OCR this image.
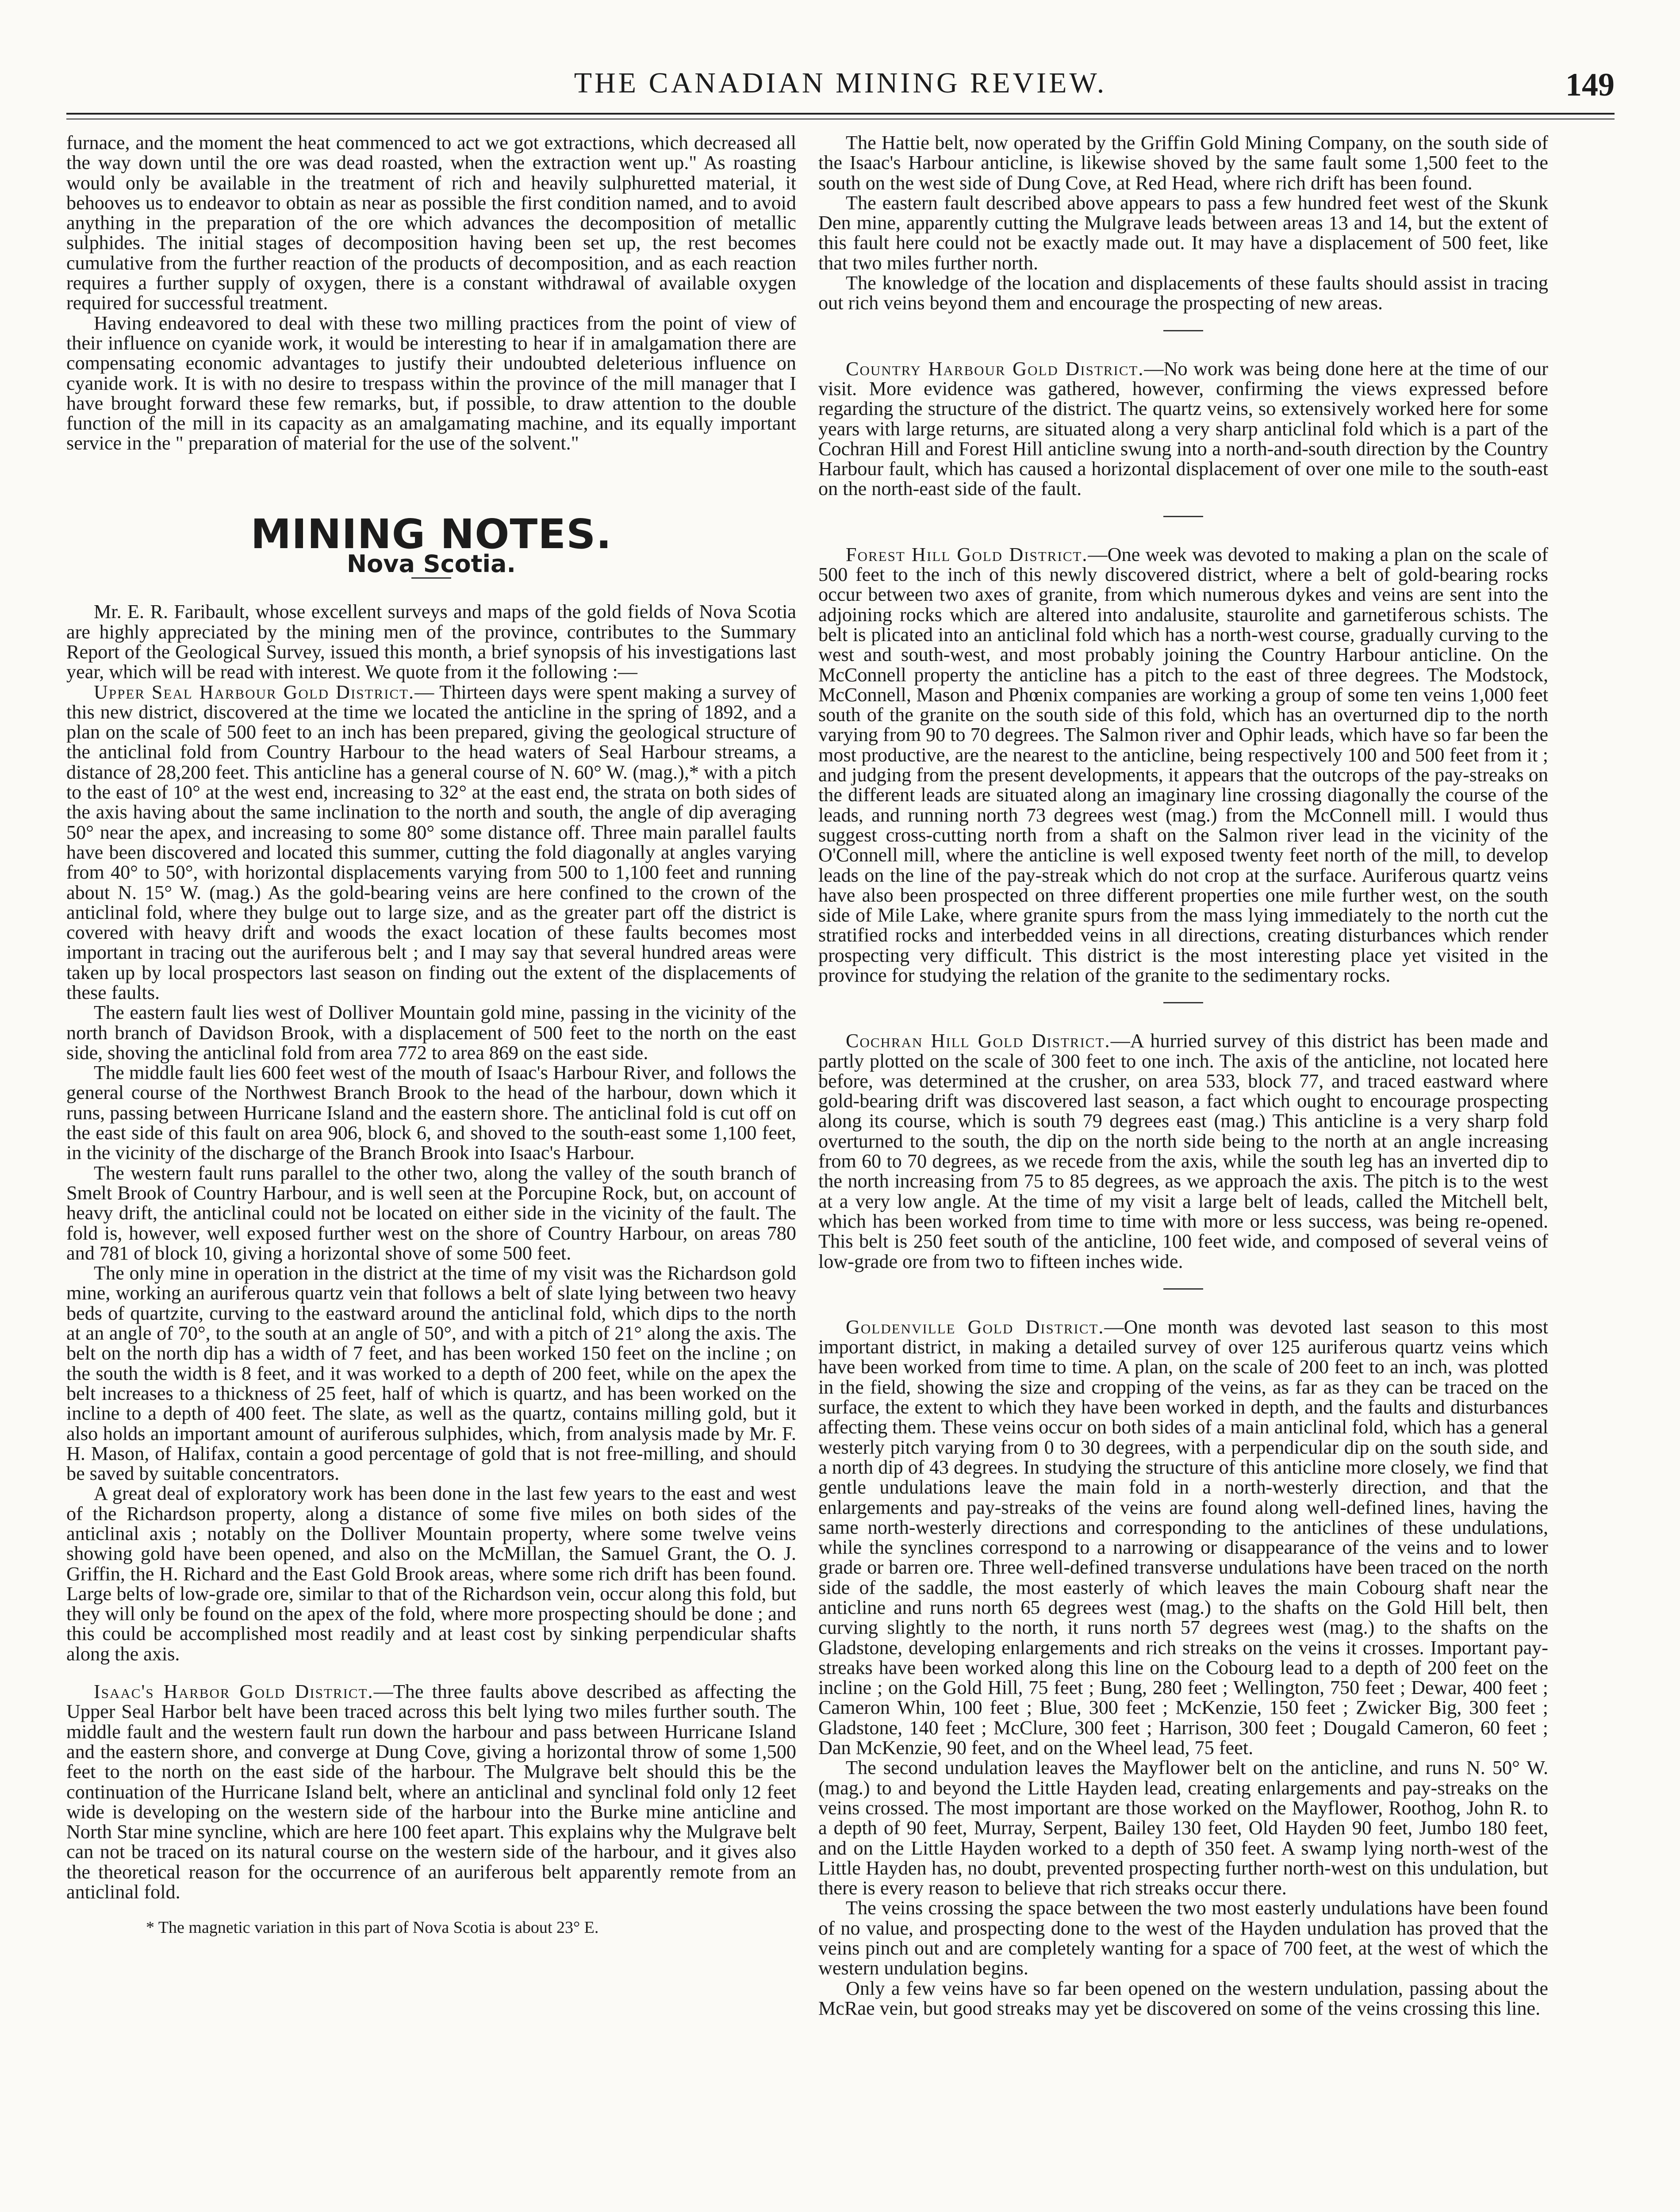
THE CANADIAN MINING REVIEW.	149

furnace, and the moment the heat commenced to act we got extractions, which decreased all the way down until the ore was dead roasted, when the extraction went up." As roasting would only be available in the treatment of rich and heavily sulphuretted material, it behooves us to endeavor to obtain as near as possible the first condition named, and to avoid anything in the preparation of the ore which advances the decomposition of metallic sulphides. The initial stages of decomposition having been set up, the rest becomes cumulative from the further reaction of the products of decomposition, and as each reaction requires a further supply of oxygen, there is a constant withdrawal of available oxygen required for successful treatment.

Having endeavored to deal with these two milling practices from the point of view of their influence on cyanide work, it would be interesting to hear if in amalgamation there are compensating economic advantages to justify their undoubted deleterious influence on cyanide work. It is with no desire to trespass within the province of the mill manager that I have brought forward these few remarks, but, if possible, to draw attention to the double function of the mill in its capacity as an amalgamating machine, and its equally important service in the " preparation of material for the use of the solvent."

MINING NOTES.
Nova Scotia.

Mr. E. R. Faribault, whose excellent surveys and maps of the gold fields of Nova Scotia are highly appreciated by the mining men of the province, contributes to the Summary Report of the Geological Survey, issued this month, a brief synopsis of his investigations last year, which will be read with interest. We quote from it the following :—

Upper Seal Harbour Gold District.— Thirteen days were spent making a survey of this new district, discovered at the time we located the anticline in the spring of 1892, and a plan on the scale of 500 feet to an inch has been prepared, giving the geological structure of the anticlinal fold from Country Harbour to the head waters of Seal Harbour streams, a distance of 28,200 feet. This anticline has a general course of N. 60° W. (mag.),* with a pitch to the east of 10° at the west end, increasing to 32° at the east end, the strata on both sides of the axis having about the same inclination to the north and south, the angle of dip averaging 50° near the apex, and increasing to some 80° some distance off. Three main parallel faults have been discovered and located this summer, cutting the fold diagonally at angles varying from 40° to 50°, with horizontal displacements varying from 500 to 1,100 feet and running about N. 15° W. (mag.) As the gold-bearing veins are here confined to the crown of the anticlinal fold, where they bulge out to large size, and as the greater part off the district is covered with heavy drift and woods the exact location of these faults becomes most important in tracing out the auriferous belt ; and I may say that several hundred areas were taken up by local prospectors last season on finding out the extent of the displacements of these faults.

The eastern fault lies west of Dolliver Mountain gold mine, passing in the vicinity of the north branch of Davidson Brook, with a displacement of 500 feet to the north on the east side, shoving the anticlinal fold from area 772 to area 869 on the east side.

The middle fault lies 600 feet west of the mouth of Isaac's Harbour River, and follows the general course of the Northwest Branch Brook to the head of the harbour, down which it runs, passing between Hurricane Island and the eastern shore. The anticlinal fold is cut off on the east side of this fault on area 906, block 6, and shoved to the south-east some 1,100 feet, in the vicinity of the discharge of the Branch Brook into Isaac's Harbour.

The western fault runs parallel to the other two, along the valley of the south branch of Smelt Brook of Country Harbour, and is well seen at the Porcupine Rock, but, on account of heavy drift, the anticlinal could not be located on either side in the vicinity of the fault. The fold is, however, well exposed further west on the shore of Country Harbour, on areas 780 and 781 of block 10, giving a horizontal shove of some 500 feet.

The only mine in operation in the district at the time of my visit was the Richardson gold mine, working an auriferous quartz vein that follows a belt of slate lying between two heavy beds of quartzite, curving to the eastward around the anticlinal fold, which dips to the north at an angle of 70°, to the south at an angle of 50°, and with a pitch of 21° along the axis. The belt on the north dip has a width of 7 feet, and has been worked 150 feet on the incline ; on the south the width is 8 feet, and it was worked to a depth of 200 feet, while on the apex the belt increases to a thickness of 25 feet, half of which is quartz, and has been worked on the incline to a depth of 400 feet. The slate, as well as the quartz, contains milling gold, but it also holds an important amount of auriferous sulphides, which, from analysis made by Mr. F. H. Mason, of Halifax, contain a good percentage of gold that is not free-milling, and should be saved by suitable concentrators.

A great deal of exploratory work has been done in the last few years to the east and west of the Richardson property, along a distance of some five miles on both sides of the anticlinal axis ; notably on the Dolliver Mountain property, where some twelve veins showing gold have been opened, and also on the McMillan, the Samuel Grant, the O. J. Griffin, the H. Richard and the East Gold Brook areas, where some rich drift has been found. Large belts of low-grade ore, similar to that of the Richardson vein, occur along this fold, but they will only be found on the apex of the fold, where more prospecting should be done ; and this could be accomplished most readily and at least cost by sinking perpendicular shafts along the axis.

Isaac's Harbor Gold District.—The three faults above described as affecting the Upper Seal Harbor belt have been traced across this belt lying two miles further south. The middle fault and the western fault run down the harbour and pass between Hurricane Island and the eastern shore, and converge at Dung Cove, giving a horizontal throw of some 1,500 feet to the north on the east side of the harbour. The Mulgrave belt should this be the continuation of the Hurricane Island belt, where an anticlinal and synclinal fold only 12 feet wide is developing on the western side of the harbour into the Burke mine anticline and North Star mine syncline, which are here 100 feet apart. This explains why the Mulgrave belt can not be traced on its natural course on the western side of the harbour, and it gives also the theoretical reason for the occurrence of an auriferous belt apparently remote from an anticlinal fold.

* The magnetic variation in this part of Nova Scotia is about 23° E.

The Hattie belt, now operated by the Griffin Gold Mining Company, on the south side of the Isaac's Harbour anticline, is likewise shoved by the same fault some 1,500 feet to the south on the west side of Dung Cove, at Red Head, where rich drift has been found.

The eastern fault described above appears to pass a few hundred feet west of the Skunk Den mine, apparently cutting the Mulgrave leads between areas 13 and 14, but the extent of this fault here could not be exactly made out. It may have a displacement of 500 feet, like that two miles further north.

The knowledge of the location and displacements of these faults should assist in tracing out rich veins beyond them and encourage the prospecting of new areas.

Country Harbour Gold District.—No work was being done here at the time of our visit. More evidence was gathered, however, confirming the views expressed before regarding the structure of the district. The quartz veins, so extensively worked here for some years with large returns, are situated along a very sharp anticlinal fold which is a part of the Cochran Hill and Forest Hill anticline swung into a north-and-south direction by the Country Harbour fault, which has caused a horizontal displacement of over one mile to the south-east on the north-east side of the fault.

Forest Hill Gold District.—One week was devoted to making a plan on the scale of 500 feet to the inch of this newly discovered district, where a belt of gold-bearing rocks occur between two axes of granite, from which numerous dykes and veins are sent into the adjoining rocks which are altered into andalusite, staurolite and garnetiferous schists. The belt is plicated into an anticlinal fold which has a north-west course, gradually curving to the west and south-west, and most probably joining the Country Harbour anticline. On the McConnell property the anticline has a pitch to the east of three degrees. The Modstock, McConnell, Mason and Phœnix companies are working a group of some ten veins 1,000 feet south of the granite on the south side of this fold, which has an overturned dip to the north varying from 90 to 70 degrees. The Salmon river and Ophir leads, which have so far been the most productive, are the nearest to the anticline, being respectively 100 and 500 feet from it ; and judging from the present developments, it appears that the outcrops of the pay-streaks on the different leads are situated along an imaginary line crossing diagonally the course of the leads, and running north 73 degrees west (mag.) from the McConnell mill. I would thus suggest cross-cutting north from a shaft on the Salmon river lead in the vicinity of the O'Connell mill, where the anticline is well exposed twenty feet north of the mill, to develop leads on the line of the pay-streak which do not crop at the surface. Auriferous quartz veins have also been prospected on three different properties one mile further west, on the south side of Mile Lake, where granite spurs from the mass lying immediately to the north cut the stratified rocks and interbedded veins in all directions, creating disturbances which render prospecting very difficult. This district is the most interesting place yet visited in the province for studying the relation of the granite to the sedimentary rocks.

Cochran Hill Gold District.—A hurried survey of this district has been made and partly plotted on the scale of 300 feet to one inch. The axis of the anticline, not located here before, was determined at the crusher, on area 533, block 77, and traced eastward where gold-bearing drift was discovered last season, a fact which ought to encourage prospecting along its course, which is south 79 degrees east (mag.) This anticline is a very sharp fold overturned to the south, the dip on the north side being to the north at an angle increasing from 60 to 70 degrees, as we recede from the axis, while the south leg has an inverted dip to the north increasing from 75 to 85 degrees, as we approach the axis. The pitch is to the west at a very low angle. At the time of my visit a large belt of leads, called the Mitchell belt, which has been worked from time to time with more or less success, was being re-opened. This belt is 250 feet south of the anticline, 100 feet wide, and composed of several veins of low-grade ore from two to fifteen inches wide.

Goldenville Gold District.—One month was devoted last season to this most important district, in making a detailed survey of over 125 auriferous quartz veins which have been worked from time to time. A plan, on the scale of 200 feet to an inch, was plotted in the field, showing the size and cropping of the veins, as far as they can be traced on the surface, the extent to which they have been worked in depth, and the faults and disturbances affecting them. These veins occur on both sides of a main anticlinal fold, which has a general westerly pitch varying from 0 to 30 degrees, with a perpendicular dip on the south side, and a north dip of 43 degrees. In studying the structure of this anticline more closely, we find that gentle undulations leave the main fold in a north-westerly direction, and that the enlargements and pay-streaks of the veins are found along well-defined lines, having the same north-westerly directions and corresponding to the anticlines of these undulations, while the synclines correspond to a narrowing or disappearance of the veins and to lower grade or barren ore. Three well-defined transverse undulations have been traced on the north side of the saddle, the most easterly of which leaves the main Cobourg shaft near the anticline and runs north 65 degrees west (mag.) to the shafts on the Gold Hill belt, then curving slightly to the north, it runs north 57 degrees west (mag.) to the shafts on the Gladstone, developing enlargements and rich streaks on the veins it crosses. Important pay-streaks have been worked along this line on the Cobourg lead to a depth of 200 feet on the incline ; on the Gold Hill, 75 feet ; Bung, 280 feet ; Wellington, 750 feet ; Dewar, 400 feet ; Cameron Whin, 100 feet ; Blue, 300 feet ; McKenzie, 150 feet ; Zwicker Big, 300 feet ; Gladstone, 140 feet ; McClure, 300 feet ; Harrison, 300 feet ; Dougald Cameron, 60 feet ; Dan McKenzie, 90 feet, and on the Wheel lead, 75 feet.

The second undulation leaves the Mayflower belt on the anticline, and runs N. 50° W. (mag.) to and beyond the Little Hayden lead, creating enlargements and pay-streaks on the veins crossed. The most important are those worked on the Mayflower, Roothog, John R. to a depth of 90 feet, Murray, Serpent, Bailey 130 feet, Old Hayden 90 feet, Jumbo 180 feet, and on the Little Hayden worked to a depth of 350 feet. A swamp lying north-west of the Little Hayden has, no doubt, prevented prospecting further north-west on this undulation, but there is every reason to believe that rich streaks occur there.

The veins crossing the space between the two most easterly undulations have been found of no value, and prospecting done to the west of the Hayden undulation has proved that the veins pinch out and are completely wanting for a space of 700 feet, at the west of which the western undulation begins.

Only a few veins have so far been opened on the western undulation, passing about the McRae vein, but good streaks may yet be discovered on some of the veins crossing this line.
